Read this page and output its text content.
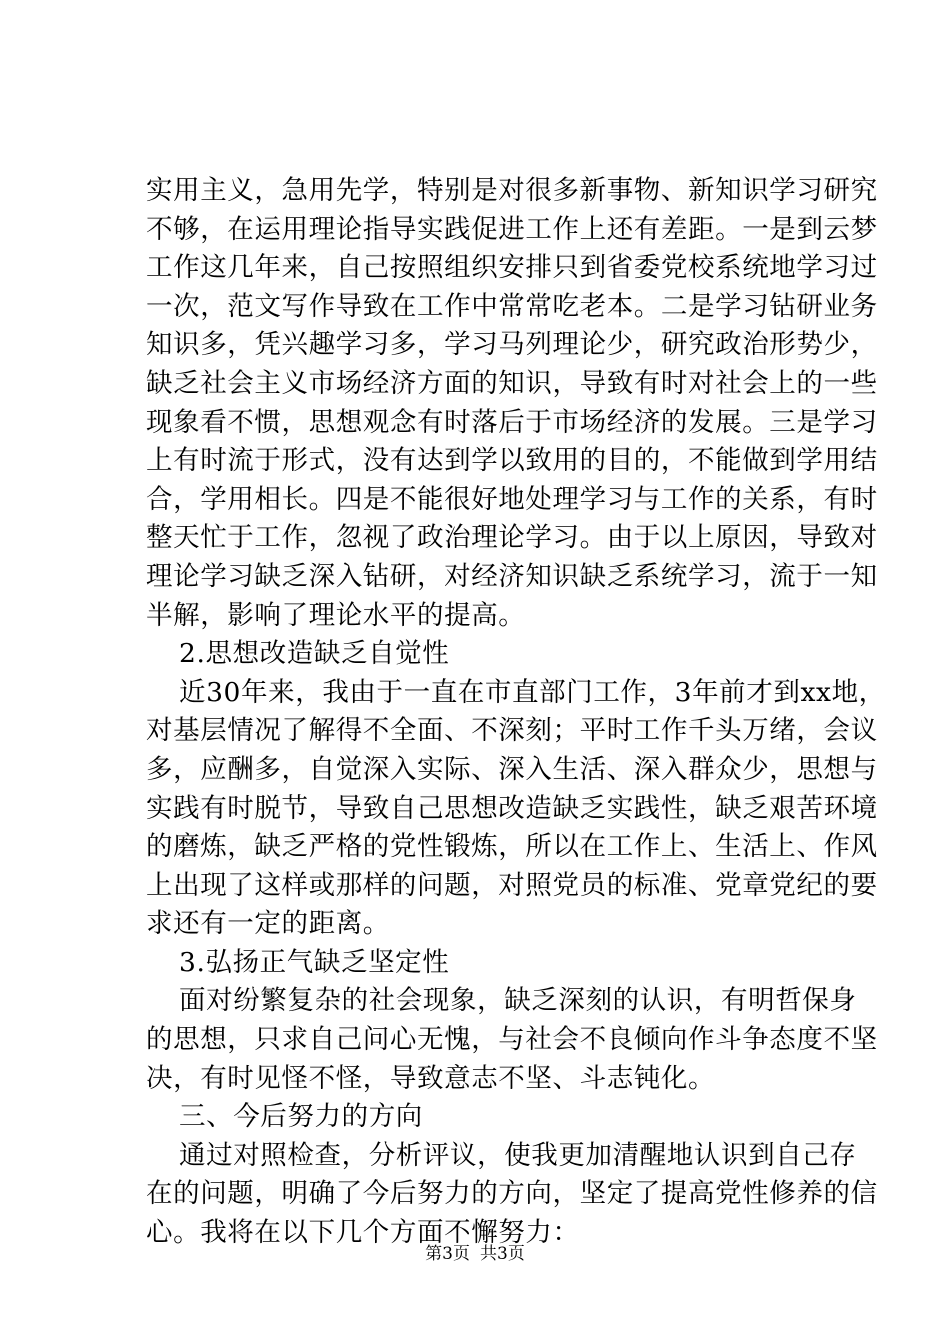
实用主义，急用先学，特别是对很多新事物、新知识学习研究
不够，在运用理论指导实践促进工作上还有差距。一是到云梦
工作这几年来，自己按照组织安排只到省委党校系统地学习过
一次，范文写作导致在工作中常常吃老本。二是学习钻研业务
知识多，凭兴趣学习多，学习马列理论少，研究政治形势少，
缺乏社会主义市场经济方面的知识，导致有时对社会上的一些
现象看不惯，思想观念有时落后于市场经济的发展。三是学习
上有时流于形式，没有达到学以致用的目的，不能做到学用结
合，学用相长。四是不能很好地处理学习与工作的关系，有时
整天忙于工作，忽视了政治理论学习。由于以上原因，导致对
理论学习缺乏深入钻研，对经济知识缺乏系统学习，流于一知
半解，影响了理论水平的提高。
2.思想改造缺乏自觉性
近30年来，我由于一直在市直部门工作，3年前才到xx地，
对基层情况了解得不全面、不深刻；平时工作千头万绪，会议
多，应酬多，自觉深入实际、深入生活、深入群众少，思想与
实践有时脱节，导致自己思想改造缺乏实践性，缺乏艰苦环境
的磨炼，缺乏严格的党性锻炼，所以在工作上、生活上、作风
上出现了这样或那样的问题，对照党员的标准、党章党纪的要
求还有一定的距离。
3.弘扬正气缺乏坚定性
面对纷繁复杂的社会现象，缺乏深刻的认识，有明哲保身
的思想，只求自己问心无愧，与社会不良倾向作斗争态度不坚
决，有时见怪不怪，导致意志不坚、斗志钝化。
三、今后努力的方向
通过对照检查，分析评议，使我更加清醒地认识到自己存
在的问题，明确了今后努力的方向，坚定了提高党性修养的信
心。我将在以下几个方面不懈努力：
第3页 共3页
